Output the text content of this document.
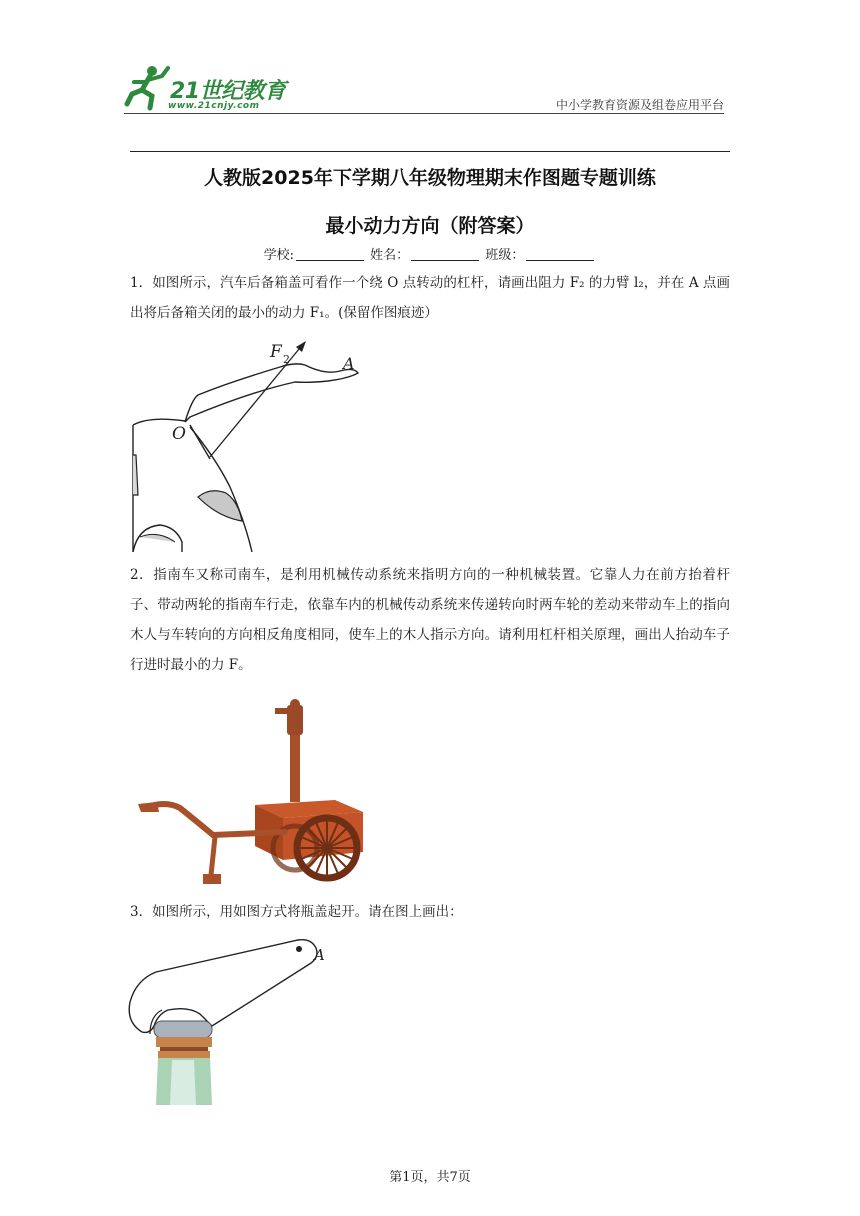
21世纪教育
www.21cnjy.com	中小学教育资源及组卷应用平台
人教版2025年下学期八年级物理期末作图题专题训练
最小动力方向（附答案）
学校:	姓名：	班级：
1．如图所示，汽车后备箱盖可看作一个绕 O 点转动的杠杆，请画出阻力 F₂ 的力臂 l₂，并在 A 点画出将后备箱关闭的最小的动力 F₁。(保留作图痕迹）
F 2
O
A
2．指南车又称司南车，是利用机械传动系统来指明方向的一种机械装置。它靠人力在前方抬着杆子、带动两轮的指南车行走，依靠车内的机械传动系统来传递转向时两车轮的差动来带动车上的指向木人与车转向的方向相反角度相同，使车上的木人指示方向。请利用杠杆相关原理，画出人抬动车子行进时最小的力 F。
3．如图所示，用如图方式将瓶盖起开。请在图上画出：
A
第1页，共7页
